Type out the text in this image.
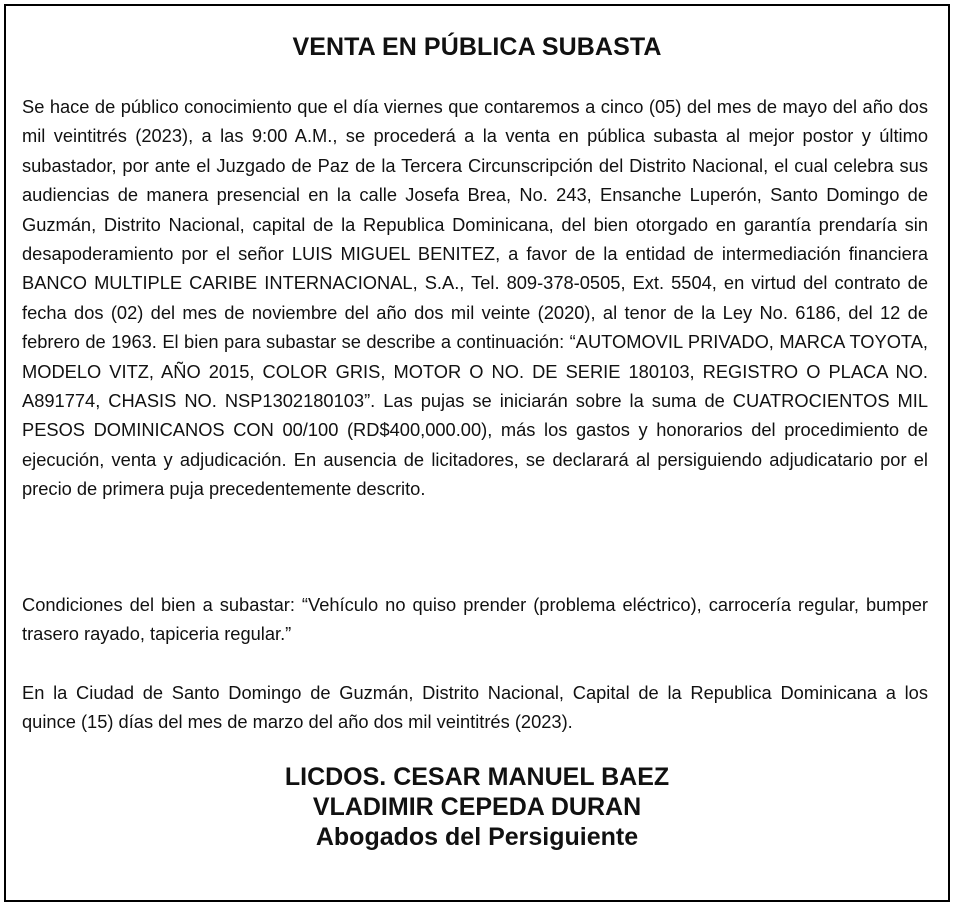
VENTA EN PÚBLICA SUBASTA

Se hace de público conocimiento que el día viernes que contaremos a cinco (05) del mes de mayo del año dos mil veintitrés (2023), a las 9:00 A.M., se procederá a la venta en pública subasta al mejor postor y último subastador, por ante el Juzgado de Paz de la Tercera Circunscripción del Distrito Nacional, el cual celebra sus audiencias de manera presencial en la calle Josefa Brea, No. 243, Ensanche Luperón, Santo Domingo de Guzmán, Distrito Nacional, capital de la Republica Dominicana, del bien otorgado en garantía prendaría sin desapoderamiento por el señor LUIS MIGUEL BENITEZ, a favor de la entidad de intermediación financiera BANCO MULTIPLE CARIBE INTERNACIONAL, S.A., Tel. 809-378-0505, Ext. 5504, en virtud del contrato de fecha dos (02) del mes de noviembre del año dos mil veinte (2020), al tenor de la Ley No. 6186, del 12 de febrero de 1963. El bien para subastar se describe a continuación: “AUTOMOVIL PRIVADO, MARCA TOYOTA, MODELO VITZ, AÑO 2015, COLOR GRIS, MOTOR O NO. DE SERIE 180103, REGISTRO O PLACA NO. A891774, CHASIS NO. NSP1302180103”. Las pujas se iniciarán sobre la suma de CUATROCIENTOS MIL PESOS DOMINICANOS CON 00/100 (RD$400,000.00), más los gastos y honorarios del procedimiento de ejecución, venta y adjudicación. En ausencia de licitadores, se declarará al persiguiendo adjudicatario por el precio de primera puja precedentemente descrito.

Condiciones del bien a subastar: “Vehículo no quiso prender (problema eléctrico), carrocería regular, bumper trasero rayado, tapiceria regular.”

En la Ciudad de Santo Domingo de Guzmán, Distrito Nacional, Capital de la Republica Dominicana a los quince (15) días del mes de marzo del año dos mil veintitrés (2023).

LICDOS. CESAR MANUEL BAEZ
VLADIMIR CEPEDA DURAN
Abogados del Persiguiente
